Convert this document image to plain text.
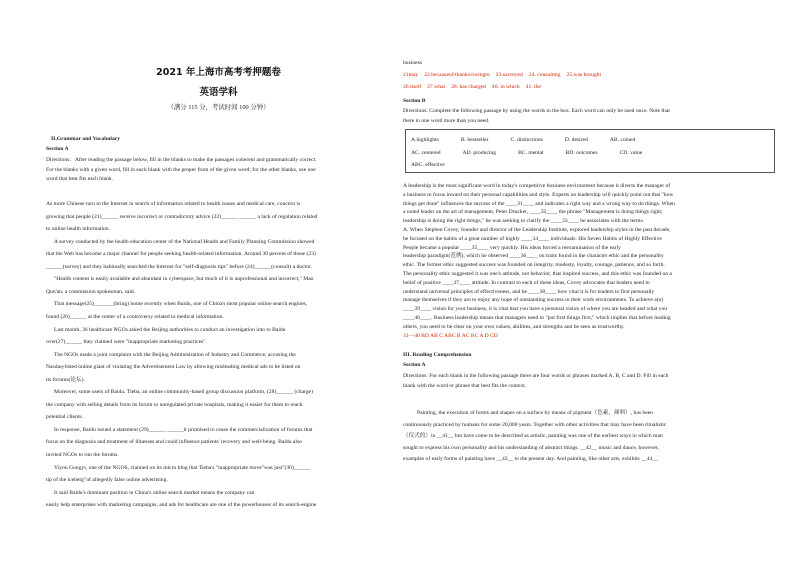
2021 年上海市高考考押题卷
英语学科
（满分 115 分，考试时间 100 分钟）
II.Grammar and Vocabulary
Section A
Directions：After reading the passage below, fill in the blanks to make the passages coherent and grammatically correct.
For the blanks with a given word, fill in each blank with the proper from of the given word; for the other blanks, use one
word that best fits each blank.
As more Chinese turn to the Internet in search of information related to health issues and medical care, concern is
growing that people (21)______ receive incorrect or contradictory advice (22)______ ______ a lack of regulation related
to online health information.
A survey conducted by the health education center of the National Health and Family Planning Commission showed
that the Web has become a major channel for people seeking health-related information. Around 30 percent of those (23)
______(survey) and they habitually searched the Internet for "self-diagnosis tips" before (24)______(consult) a doctor.
"Health content is easily available and abundant in cyberspace, but much of it is unprofessional and incorrect," Mao
Qun'an, a commission spokesman, said.
That message(25)_______(bring) home recently when Baidu, one of China's most popular online search engines,
found (26)______ at the center of a controversy related to medical information.
Last month, 36 healthcare NGOs asked the Beijing authorities to conduct an investigation into to Baidu
over(27)______ they claimed were "inappropriate marketing practices".
The NGOs made a joint complaint with the Beijing Administration of Industry and Commerce, accusing the
Nasdaq-listed online giant of violating the Advertisement Law by allowing misleading medical ads to be listed on
its forums(论坛).
Moreover, some users of Baidu. Tieba, an online community-based group discussion platform, (28)______ (charge)
the company with selling details from its forum to unregulated private hospitals, making it easier for them to reach
potential clients.
In response, Baidu issued a statement (29)______ ______it promised to cease the commercialization of forums that
focus on the diagnosis and treatment of illnesses and could influence patients' recovery and well-being. Baidu also
invited NGOs to run the forums.
Yiyou Gongyi, one of the NGOS, claimed on its micro blog that Tieba's "inappropriate move"was just"(30)______
tip of the iceberg"of allegedly false online advertising.
It said Baidu's dominant position in China's online search market means the company can
easily help enterprises with marketing campaigns, and ads for healthcare are one of the powerhouses of its search-engine
business
21may 22.becauseof/thanks/owingto 23.surveyed 24. consulting 25.was brought
26.itself 27.what 28. has charged 40. in which 41. the
Section B
Directions: Complete the following passage by using the words in the box. Each word can only be used once. Note that
there in one word more than you need.
A.highlights	B. bestseller	C. distinctions	D. desired	AB. coined
AC. centered	AD. producing	BC. mental	BD. outcomes	CD. value
ABC. effective
A leadership is the most significant word in today's competitive business environment because it directs the manager of
a business to focus inward on their personal capabilities and style. Experts on leadership will quickly point out that "how
things get done" influences the success of the ____31____ and indicates a right way and a wrong way to do things. When
a noted leader on the art of management, Peter Drucker, ____32____ the phrase "Management is doing things right;
leadership is doing the right things," he was seeking to clarify the ____33____ he associates with the terms.
A. When Stephen Covey, founder and director of the Leadership Institute, explored leadership styles in the past decade,
he focused on the habits of a great number of highly ____34____ individuals. His Seven Habits of Highly Effective
People became a popular ____35____ very quickly. His ideas forced a reexamination of the early
leadership paradigm(范例), which he observed ____36____ on traits found in the character ethic and the personality
ethic. The former ethic suggested success was founded on integrity, modesty, loyalty, courage, patience, and so forth.
The personality ethic suggested it was one's attitude, not behavior, that inspired success, and this ethic was founded on a
belief of positive ____37____ attitude. In contrast to each of these ideas, Covey advocates that leaders need to
understand universal principles of effectiveness, and he ____38____ how vital it is for leaders to first personally
manage themselves if they are to enjoy any hope of outstanding success in their work environments. To achieve a(n)
____39____ vision for your business, it is vital that you have a personal vision of where you are headed and what you
____40____. Business leadership means that managers need to "put first things first," which implies that before leading
others, you need to be clear on your own values, abilities, and strengths and be seen as trustworthy.
31—40 BD AB C ABC B AC BC A D CD
III. Reading Comprehension
Section A
Directions: For each blank in the following passage there are four words or phrases marked A, B, C and D. Fill in each
blank with the word or phrase that best fits the context.
Painting, the execution of forms and shapes on a surface by means of pigment（色素，颜料）, has been
continuously practiced by humans for some 20,000 years. Together with other activities that may have been ritualistic
（仪式的）in __41__ but have come to be described as artistic, painting was one of the earliest ways in which man
sought to express his own personality and his understanding of abstract things. __42__ music and dance, however,
examples of early forms of painting have __43__ to the present day. And painting, like other arts, exhibits __44__
